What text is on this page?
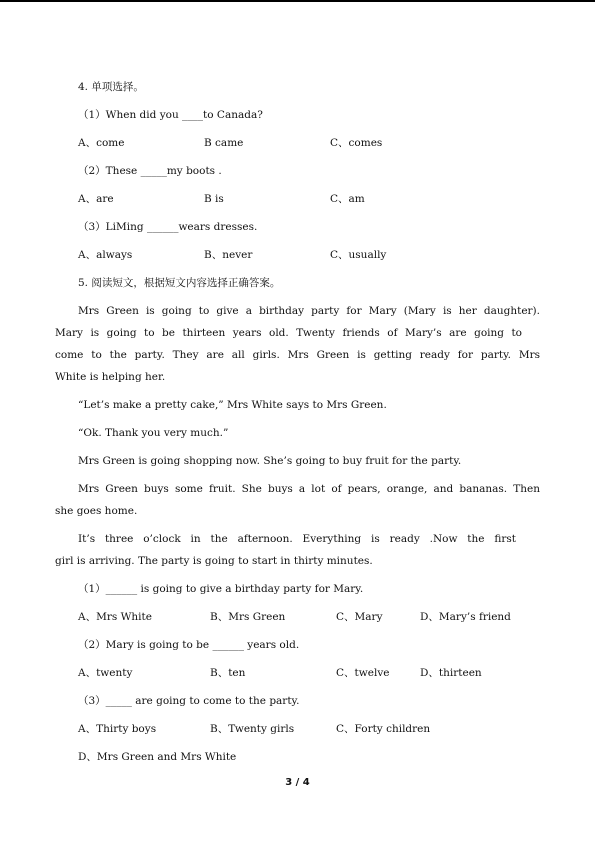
4. 单项选择。
（1）When did you ____to Canada?
A、come	B came	C、comes
（2）These _____my boots .
A、are	B is	C、am
（3）LiMing ______wears dresses.
A、always	B、never	C、usually
5. 阅读短文，根据短文内容选择正确答案。
Mrs Green is going to give a birthday party for Mary (Mary is her daughter).
Mary is going to be thirteen years old. Twenty friends of Mary’s are going to
come to the party. They are all girls. Mrs Green is getting ready for party. Mrs
White is helping her.
“Let’s make a pretty cake,” Mrs White says to Mrs Green.
“Ok. Thank you very much.”
Mrs Green is going shopping now. She’s going to buy fruit for the party.
Mrs Green buys some fruit. She buys a lot of pears, orange, and bananas. Then
she goes home.
It’s three o’clock in the afternoon. Everything is ready .Now the first
girl is arriving. The party is going to start in thirty minutes.
（1）______ is going to give a birthday party for Mary.
A、Mrs White	B、Mrs Green	C、Mary	D、Mary’s friend
（2）Mary is going to be ______ years old.
A、twenty	B、ten	C、twelve	D、thirteen
（3）_____ are going to come to the party.
A、Thirty boys	B、Twenty girls	C、Forty children
D、Mrs Green and Mrs White
3 / 4
